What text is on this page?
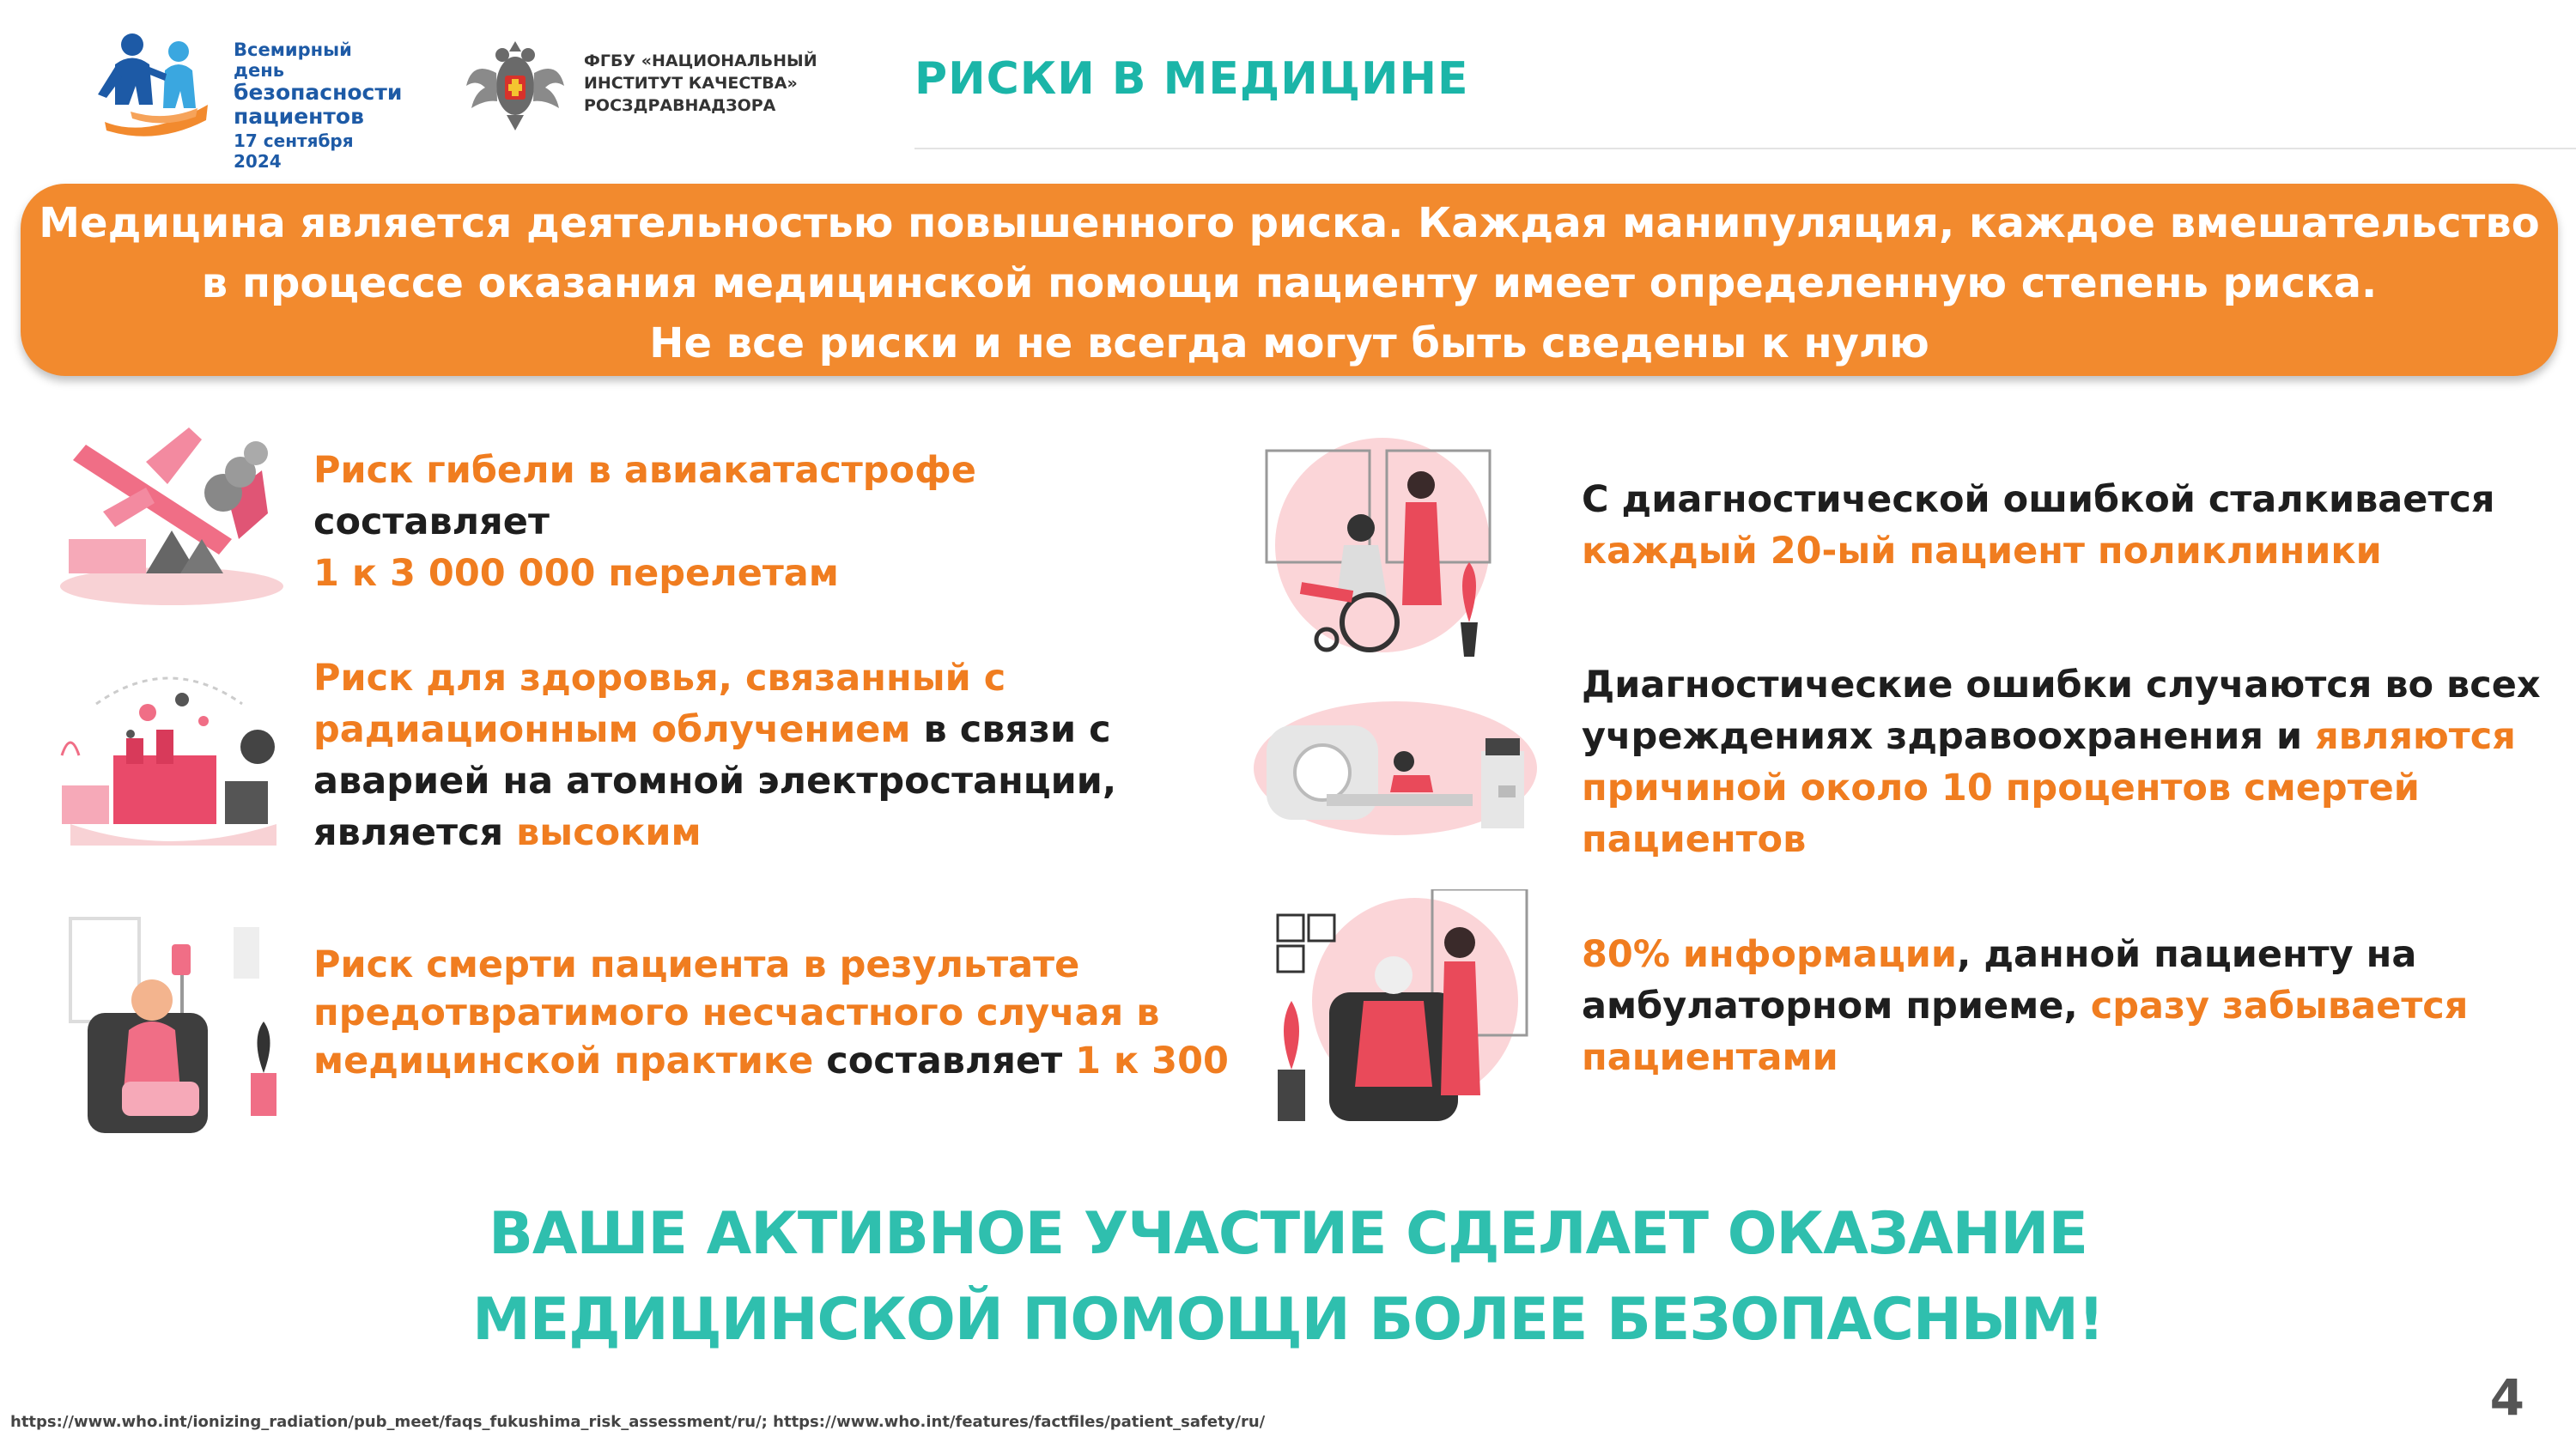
Всемирный день
безопасности
пациентов
17 сентября 2024
ФГБУ «НАЦИОНАЛЬНЫЙ
ИНСТИТУТ КАЧЕСТВА»
РОСЗДРАВНАДЗОРА
РИСКИ В МЕДИЦИНЕ
Медицина является деятельностью повышенного риска. Каждая манипуляция, каждое вмешательство
в процессе оказания медицинской помощи пациенту имеет определенную степень риска.
Не все риски и не всегда могут быть сведены к нулю
Риск гибели в авиакатастрофе
составляет
1 к 3 000 000 перелетам
Риск для здоровья, связанный с
радиационным облучением в связи с
аварией на атомной электростанции,
является высоким
Риск смерти пациента в результате
предотвратимого несчастного случая в
медицинской практике составляет 1 к 300
С диагностической ошибкой сталкивается
каждый 20-ый пациент поликлиники
Диагностические ошибки случаются во всех
учреждениях здравоохранения и являются
причиной около 10 процентов смертей
пациентов
80% информации, данной пациенту на
амбулаторном приеме, сразу забывается
пациентами
ВАШЕ АКТИВНОЕ УЧАСТИЕ СДЕЛАЕТ ОКАЗАНИЕ
МЕДИЦИНСКОЙ ПОМОЩИ БОЛЕЕ БЕЗОПАСНЫМ!
https://www.who.int/ionizing_radiation/pub_meet/faqs_fukushima_risk_assessment/ru/; https://www.who.int/features/factfiles/patient_safety/ru/	4
